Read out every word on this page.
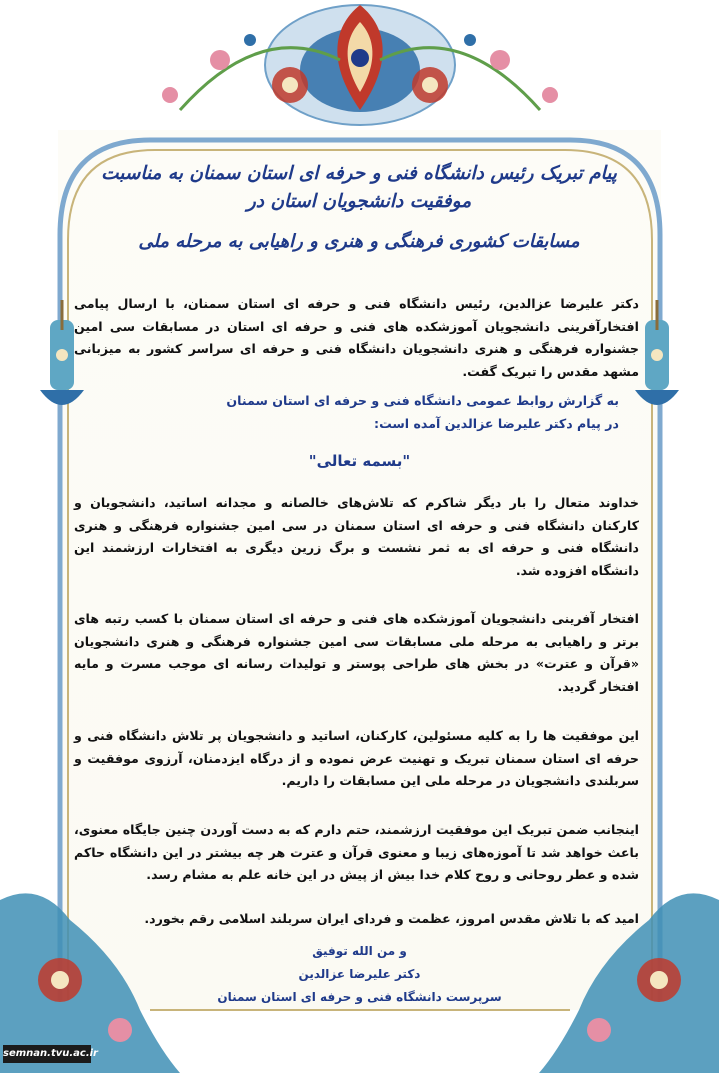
پیام تبریک رئیس دانشگاه فنی و حرفه ای استان سمنان به مناسبت موفقیت دانشجویان استان در
مسابقات کشوری فرهنگی و هنری و راهیابی به مرحله ملی
دکتر علیرضا عزالدین، رئیس دانشگاه فنی و حرفه ای استان سمنان، با ارسال پیامی افتخارآفرینی دانشجویان آموزشکده های فنی و حرفه ای استان در مسابقات سی امین جشنواره فرهنگی و هنری دانشجویان دانشگاه فنی و حرفه ای سراسر کشور به میزبانی مشهد مقدس را تبریک گفت.
به گزارش روابط عمومی دانشگاه فنی و حرفه ای استان سمنان
در پیام دکتر علیرضا عزالدین آمده است:
"بسمه تعالی"
خداوند متعال را بار دیگر شاکرم که تلاش‌های خالصانه و مجدانه اساتید، دانشجویان و کارکنان دانشگاه فنی و حرفه ای استان سمنان در سی امین جشنواره فرهنگی و هنری دانشگاه فنی و حرفه ای به ثمر نشست و برگ زرین دیگری به افتخارات ارزشمند این دانشگاه افزوده شد.
افتخار آفرینی دانشجویان آموزشکده های فنی و حرفه ای استان سمنان با کسب رتبه های برتر و راهیابی به مرحله ملی مسابقات سی امین جشنواره فرهنگی و هنری دانشجویان «قرآن و عترت» در بخش های طراحی پوستر و تولیدات رسانه ای موجب مسرت و مایه افتخار گردید.
این موفقیت ها را به کلیه مسئولین، کارکنان، اساتید و دانشجویان پر تلاش دانشگاه فنی و حرفه ای استان سمنان تبریک و تهنیت عرض نموده و از درگاه ایزدمنان، آرزوی موفقیت و سربلندی دانشجویان در مرحله ملی این مسابقات را داریم.
اینجانب ضمن تبریک این موفقیت ارزشمند، حتم دارم که به دست آوردن چنین جایگاه معنوی، باعث خواهد شد تا آموزه‌های زیبا و معنوی قرآن و عترت هر چه بیشتر در این دانشگاه حاکم شده و عطر روحانی و روح کلام خدا بیش از پیش در این خانه علم به مشام رسد.
امید که با تلاش مقدس امروز، عظمت و فردای ایران سربلند اسلامی رقم بخورد.
و من الله توفیق
دکتر علیرضا عزالدین
سرپرست دانشگاه فنی و حرفه ای استان سمنان
semnan.tvu.ac.ir
